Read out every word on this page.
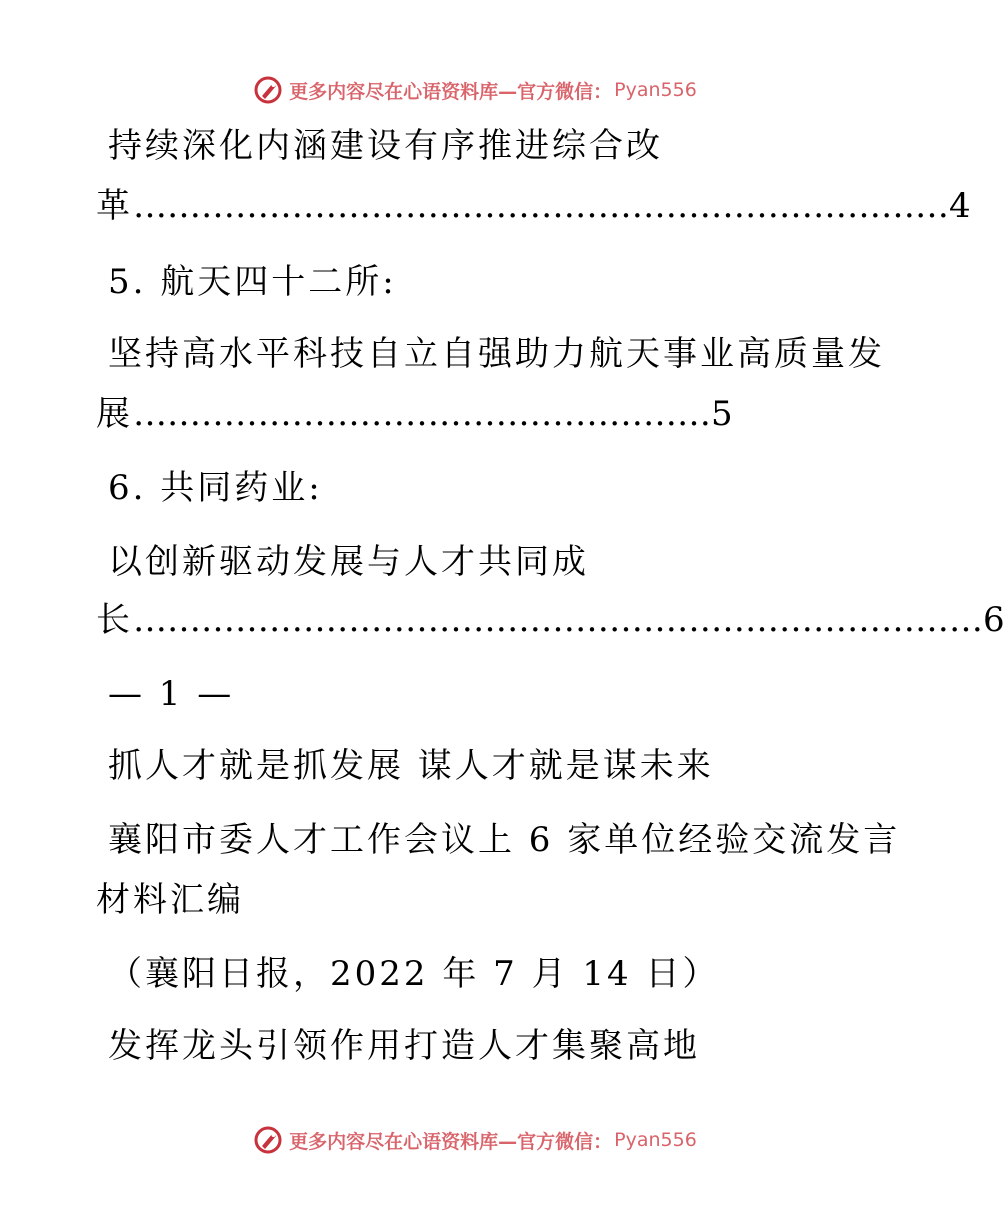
更多内容尽在心语资料库—官方微信： Pyan556
持续深化内涵建设有序推进综合改
革………………………………………………………………4
5. 航天四十二所:
坚持高水平科技自立自强助力航天事业高质量发
展……………………………………………5
6. 共同药业:
以创新驱动发展与人才共同成
长…………………………………………………………………6
— 1 —
抓人才就是抓发展 谋人才就是谋未来
襄阳市委人才工作会议上 6 家单位经验交流发言
材料汇编
（襄阳日报，2022 年 7 月 14 日）
发挥龙头引领作用打造人才集聚高地
更多内容尽在心语资料库—官方微信： Pyan556
